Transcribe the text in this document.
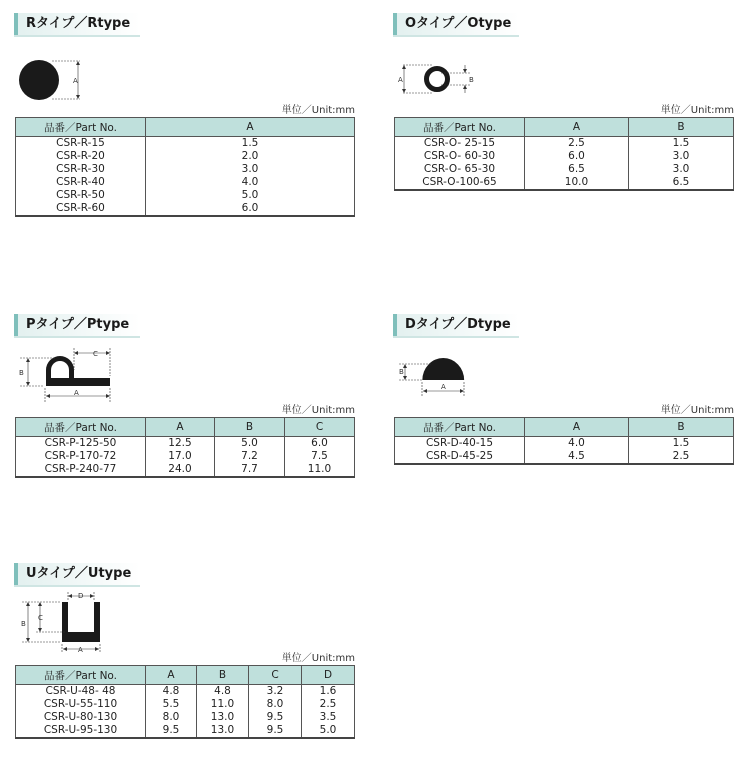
Rタイプ／Rtype
A
単位／Unit:mm
品番／Part No.	A
CSR-R-15	1.5
CSR-R-20	2.0
CSR-R-30	3.0
CSR-R-40	4.0
CSR-R-50	5.0
CSR-R-60	6.0
Oタイプ／Otype
A	B
単位／Unit:mm
品番／Part No.	A	B
CSR-O- 25-15	2.5	1.5
CSR-O- 60-30	6.0	3.0
CSR-O- 65-30	6.5	3.0
CSR-O-100-65	10.0	6.5
Pタイプ／Ptype
B
C
A
単位／Unit:mm
品番／Part No.	A	B	C
CSR-P-125-50	12.5	5.0	6.0
CSR-P-170-72	17.0	7.2	7.5
CSR-P-240-77	24.0	7.7	11.0
Dタイプ／Dtype
B
A
単位／Unit:mm
品番／Part No.	A	B
CSR-D-40-15	4.0	1.5
CSR-D-45-25	4.5	2.5
Uタイプ／Utype
D
B
C
A
単位／Unit:mm
品番／Part No.	A	B	C	D
CSR-U-48- 48	4.8	4.8	3.2	1.6
CSR-U-55-110	5.5	11.0	8.0	2.5
CSR-U-80-130	8.0	13.0	9.5	3.5
CSR-U-95-130	9.5	13.0	9.5	5.0
